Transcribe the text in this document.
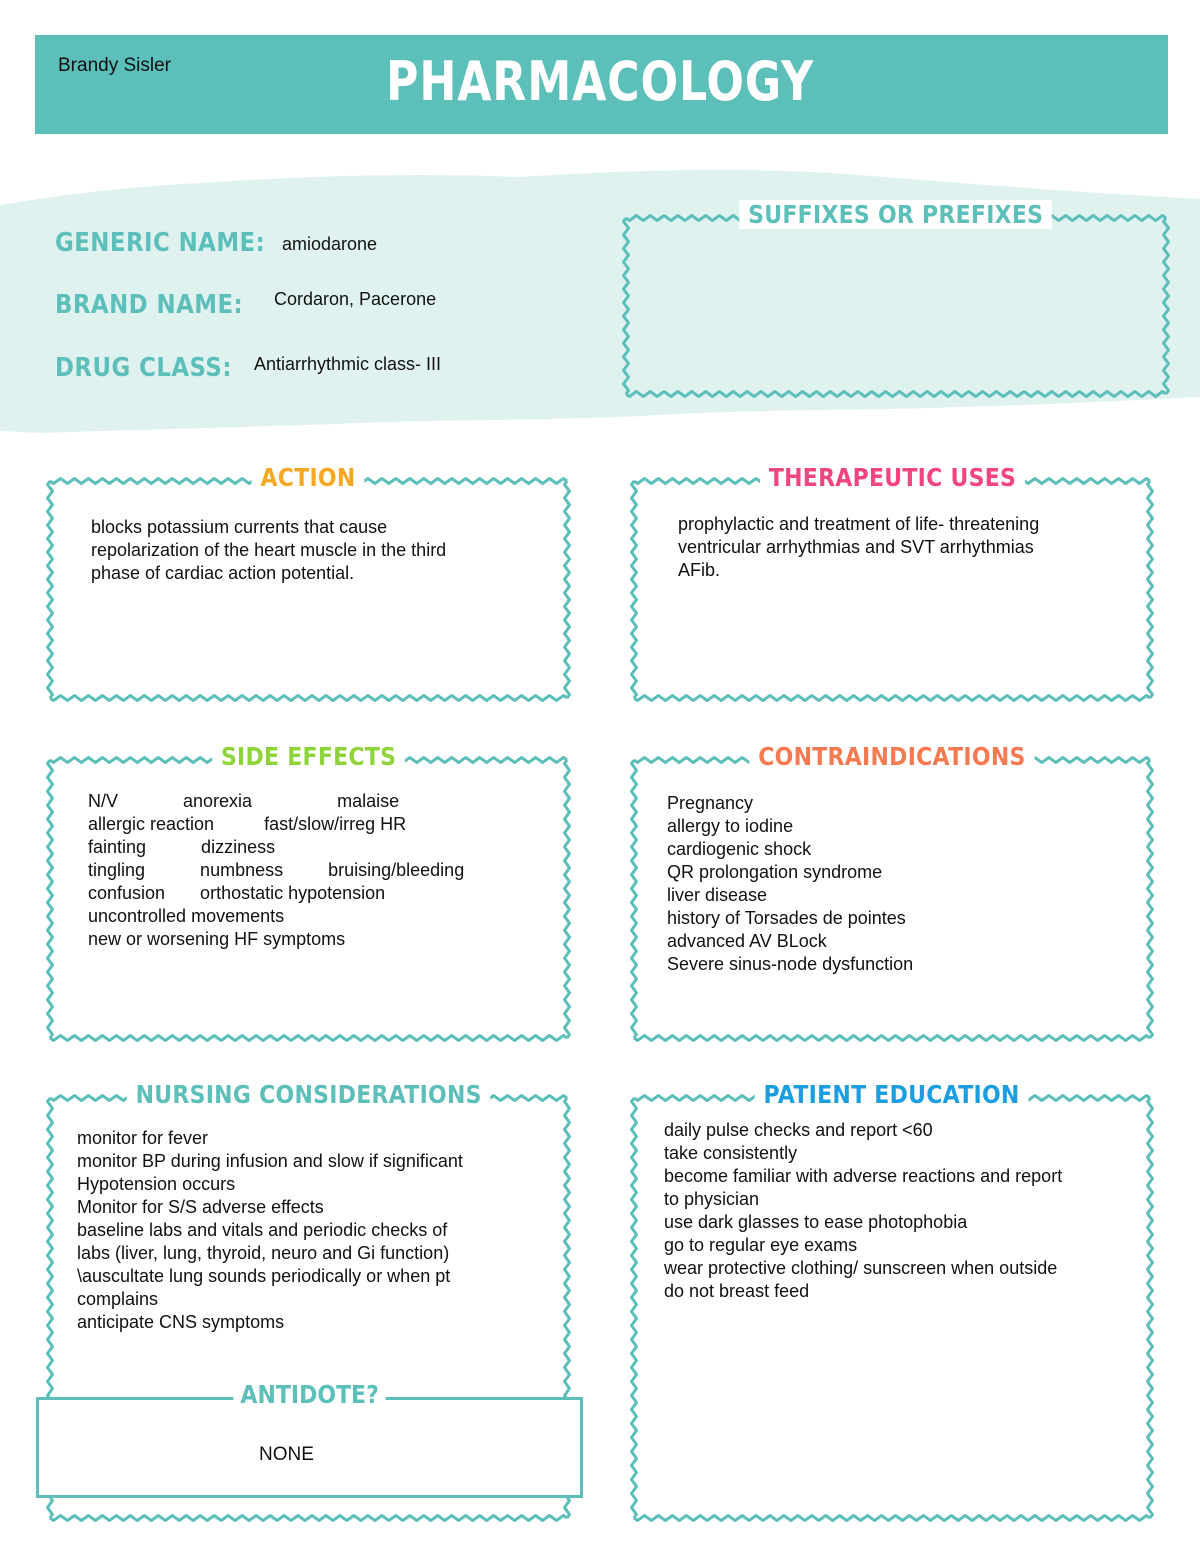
Brandy Sisler	PHARMACOLOGY
GENERIC NAME: amiodarone
BRAND NAME: Cordaron, Pacerone
DRUG CLASS: Antiarrhythmic class- III
SUFFIXES OR PREFIXES
ACTION
blocks potassium currents that cause
repolarization of the heart muscle in the third
phase of cardiac action potential.
THERAPEUTIC USES
prophylactic and treatment of life- threatening
ventricular arrhythmias and SVT arrhythmias
AFib.
SIDE EFFECTS
N/V             anorexia                 malaise
allergic reaction          fast/slow/irreg HR
fainting           dizziness
tingling           numbness         bruising/bleeding
confusion       orthostatic hypotension
uncontrolled movements
new or worsening HF symptoms
CONTRAINDICATIONS
Pregnancy
allergy to iodine
cardiogenic shock
QR prolongation syndrome
liver disease
history of Torsades de pointes
advanced AV BLock
Severe sinus-node dysfunction
NURSING CONSIDERATIONS
monitor for fever
monitor BP during infusion and slow if significant
Hypotension occurs
Monitor for S/S adverse effects
baseline labs and vitals and periodic checks of
labs (liver, lung, thyroid, neuro and Gi function)
\auscultate lung sounds periodically or when pt
complains
anticipate CNS symptoms
PATIENT EDUCATION
daily pulse checks and report <60
take consistently
become familiar with adverse reactions and report
to physician
use dark glasses to ease photophobia
go to regular eye exams
wear protective clothing/ sunscreen when outside
do not breast feed
ANTIDOTE?
NONE
